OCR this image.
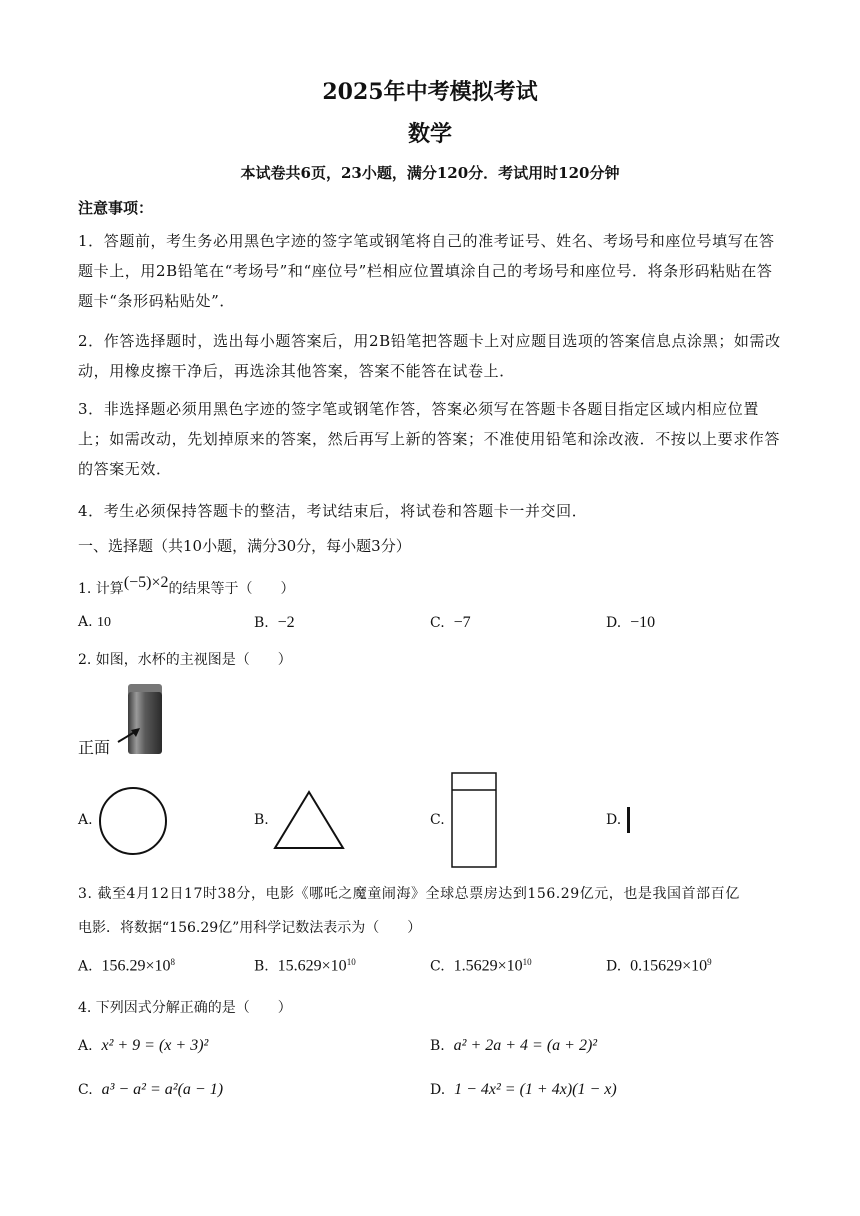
2025年中考模拟考试
数学
本试卷共6页，23小题，满分120分．考试用时120分钟
注意事项：
1．答题前，考生务必用黑色字迹的签字笔或钢笔将自己的准考证号、姓名、考场号和座位号填写在答题卡上，用2B铅笔在“考场号”和“座位号”栏相应位置填涂自己的考场号和座位号．将条形码粘贴在答题卡“条形码粘贴处”．
2．作答选择题时，选出每小题答案后，用2B铅笔把答题卡上对应题目选项的答案信息点涂黑；如需改动，用橡皮擦干净后，再选涂其他答案，答案不能答在试卷上．
3．非选择题必须用黑色字迹的签字笔或钢笔作答，答案必须写在答题卡各题目指定区域内相应位置上；如需改动，先划掉原来的答案，然后再写上新的答案；不准使用铅笔和涂改液．不按以上要求作答的答案无效．
4．考生必须保持答题卡的整洁，考试结束后，将试卷和答题卡一并交回．
一、选择题（共10小题，满分30分，每小题3分）
1. 计算(−5)×2的结果等于（　　）
A. 10	B. −2	C. −7	D. −10
2. 如图，水杯的主视图是（　　）
正面
A.	B.	C.	D.
3. 截至4月12日17时38分，电影《哪吒之魔童闹海》全球总票房达到156.29亿元，也是我国首部百亿
电影．将数据“156.29亿”用科学记数法表示为（　　）
A. $156.29\times 10^8$	B. $15.629\times 10^{10}$	C. $1.5629\times 10^{10}$	D. $0.15629\times 10^9$
4. 下列因式分解正确的是（　　）
A. x² + 9 = (x + 3)²	B. a² + 2a + 4 = (a + 2)²
C. a³ − a² = a²(a − 1)	D. 1 − 4x² = (1 + 4x)(1 − x)
